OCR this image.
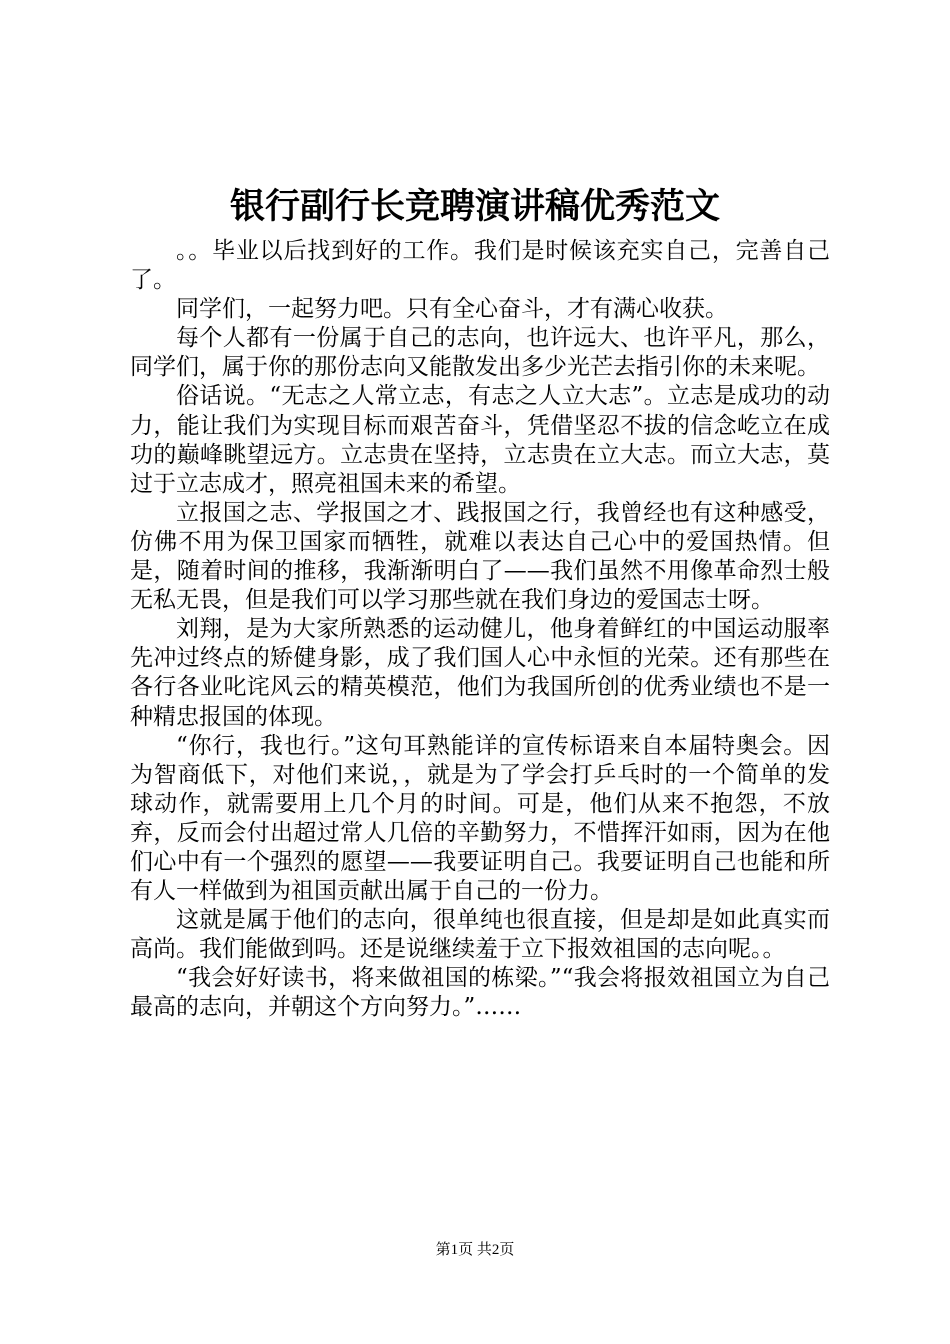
银行副行长竞聘演讲稿优秀范文

。。毕业以后找到好的工作。我们是时候该充实自己，完善自己了。

同学们，一起努力吧。只有全心奋斗，才有满心收获。

每个人都有一份属于自己的志向，也许远大、也许平凡，那么，同学们，属于你的那份志向又能散发出多少光芒去指引你的未来呢。

俗话说。“无志之人常立志，有志之人立大志”。立志是成功的动力，能让我们为实现目标而艰苦奋斗，凭借坚忍不拔的信念屹立在成功的巅峰眺望远方。立志贵在坚持，立志贵在立大志。而立大志，莫过于立志成才，照亮祖国未来的希望。

立报国之志、学报国之才、践报国之行，我曾经也有这种感受，仿佛不用为保卫国家而牺牲，就难以表达自己心中的爱国热情。但是，随着时间的推移，我渐渐明白了——我们虽然不用像革命烈士般无私无畏，但是我们可以学习那些就在我们身边的爱国志士呀。

刘翔，是为大家所熟悉的运动健儿，他身着鲜红的中国运动服率先冲过终点的矫健身影，成了我们国人心中永恒的光荣。还有那些在各行各业叱诧风云的精英模范，他们为我国所创的优秀业绩也不是一种精忠报国的体现。

“你行，我也行。”这句耳熟能详的宣传标语来自本届特奥会。因为智商低下，对他们来说，，就是为了学会打乒乓时的一个简单的发球动作，就需要用上几个月的时间。可是，他们从来不抱怨，不放弃，反而会付出超过常人几倍的辛勤努力，不惜挥汗如雨，因为在他们心中有一个强烈的愿望——我要证明自己。我要证明自己也能和所有人一样做到为祖国贡献出属于自己的一份力。

这就是属于他们的志向，很单纯也很直接，但是却是如此真实而高尚。我们能做到吗。还是说继续羞于立下报效祖国的志向呢。。

“我会好好读书，将来做祖国的栋梁。”“我会将报效祖国立为自己最高的志向，并朝这个方向努力。”……

第1页 共2页
